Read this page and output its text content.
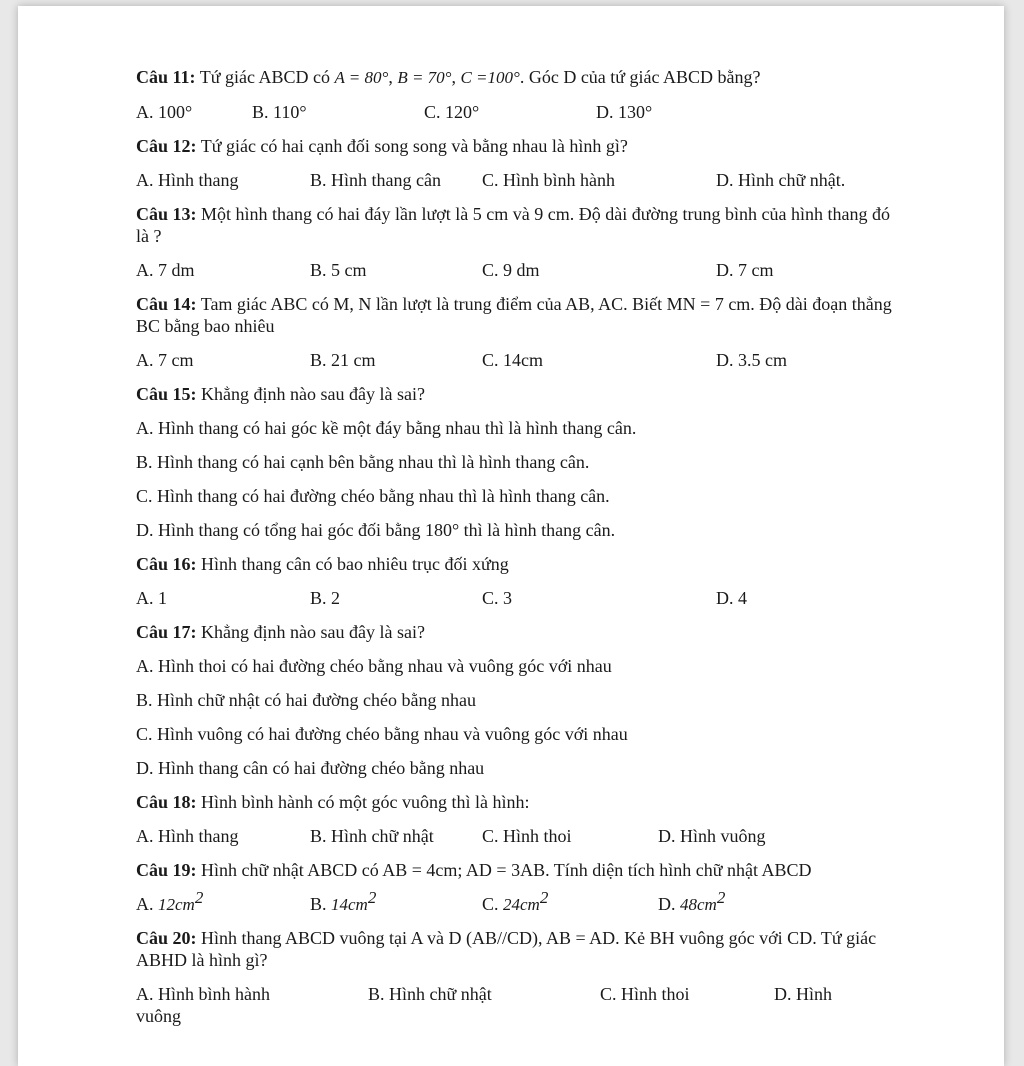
Câu 11: Tứ giác ABCD có A = 80°, B = 70°, C =100°. Góc D của tứ giác ABCD bằng?
A. 100°	B. 110°	C. 120°	D. 130°
Câu 12: Tứ giác có hai cạnh đối song song và bằng nhau là hình gì?
A. Hình thang	B. Hình thang cân C. Hình bình hành	D. Hình chữ nhật.
Câu 13: Một hình thang có hai đáy lần lượt là 5 cm và 9 cm. Độ dài đường trung bình của hình thang đó là ?
A. 7 dm	B. 5 cm	C. 9 dm	D. 7 cm
Câu 14: Tam giác ABC có M, N lần lượt là trung điểm của AB, AC. Biết MN = 7 cm. Độ dài đoạn thẳng BC bằng bao nhiêu
A. 7 cm	B. 21 cm	C. 14cm	D. 3.5 cm
Câu 15: Khẳng định nào sau đây là sai?
A. Hình thang có hai góc kề một đáy bằng nhau thì là hình thang cân.
B. Hình thang có hai cạnh bên bằng nhau thì là hình thang cân.
C. Hình thang có hai đường chéo bằng nhau thì là hình thang cân.
D. Hình thang có tổng hai góc đối bằng 180° thì là hình thang cân.
Câu 16: Hình thang cân có bao nhiêu trục đối xứng
A. 1	B. 2	C. 3	D. 4
Câu 17: Khẳng định nào sau đây là sai?
A. Hình thoi có hai đường chéo bằng nhau và vuông góc với nhau
B. Hình chữ nhật có hai đường chéo bằng nhau
C. Hình vuông có hai đường chéo bằng nhau và vuông góc với nhau
D. Hình thang cân có hai đường chéo bằng nhau
Câu 18: Hình bình hành có một góc vuông thì là hình:
A. Hình thang	B. Hình chữ nhật	C. Hình thoi	D. Hình vuông
Câu 19: Hình chữ nhật ABCD có AB = 4cm; AD = 3AB. Tính diện tích hình chữ nhật ABCD
A. $12cm^2$	B. $14cm^2$	C. $24cm^2$	D. $48cm^2$
Câu 20: Hình thang ABCD vuông tại A và D (AB//CD), AB = AD. Kẻ BH vuông góc với CD. Tứ giác ABHD là hình gì?
A. Hình bình hành	B. Hình chữ nhật	C. Hình thoi	D. Hình
vuông
